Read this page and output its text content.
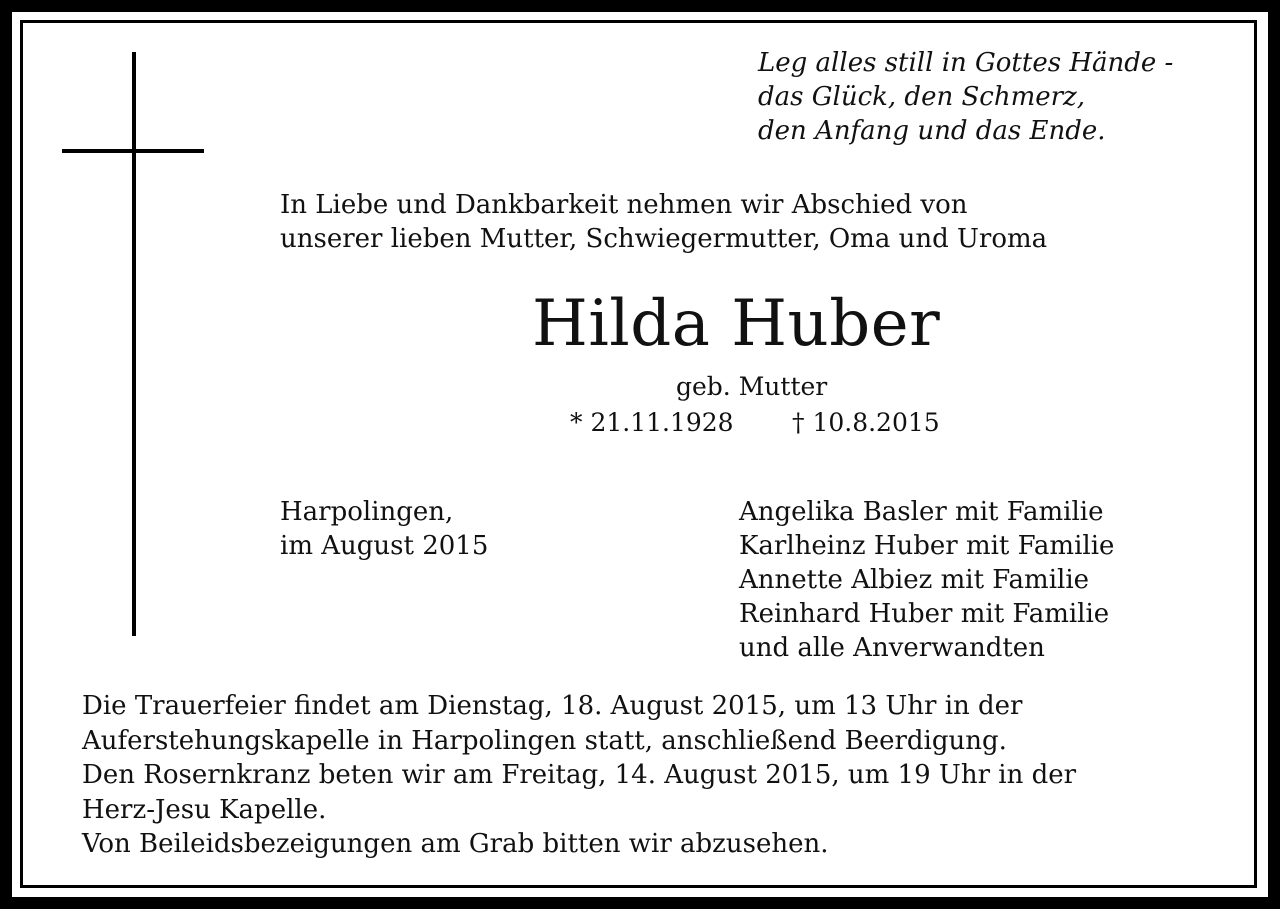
Leg alles still in Gottes Hände -
das Glück, den Schmerz,
den Anfang und das Ende.
In Liebe und Dankbarkeit nehmen wir Abschied von
unserer lieben Mutter, Schwiegermutter, Oma und Uroma
Hilda Huber
geb. Mutter
* 21.11.1928 † 10.8.2015
Harpolingen,
im August 2015
Angelika Basler mit Familie
Karlheinz Huber mit Familie
Annette Albiez mit Familie
Reinhard Huber mit Familie
und alle Anverwandten
Die Trauerfeier findet am Dienstag, 18. August 2015, um 13 Uhr in der
Auferstehungskapelle in Harpolingen statt, anschließend Beerdigung.
Den Rosernkranz beten wir am Freitag, 14. August 2015, um 19 Uhr in der
Herz-Jesu Kapelle.
Von Beileidsbezeigungen am Grab bitten wir abzusehen.
